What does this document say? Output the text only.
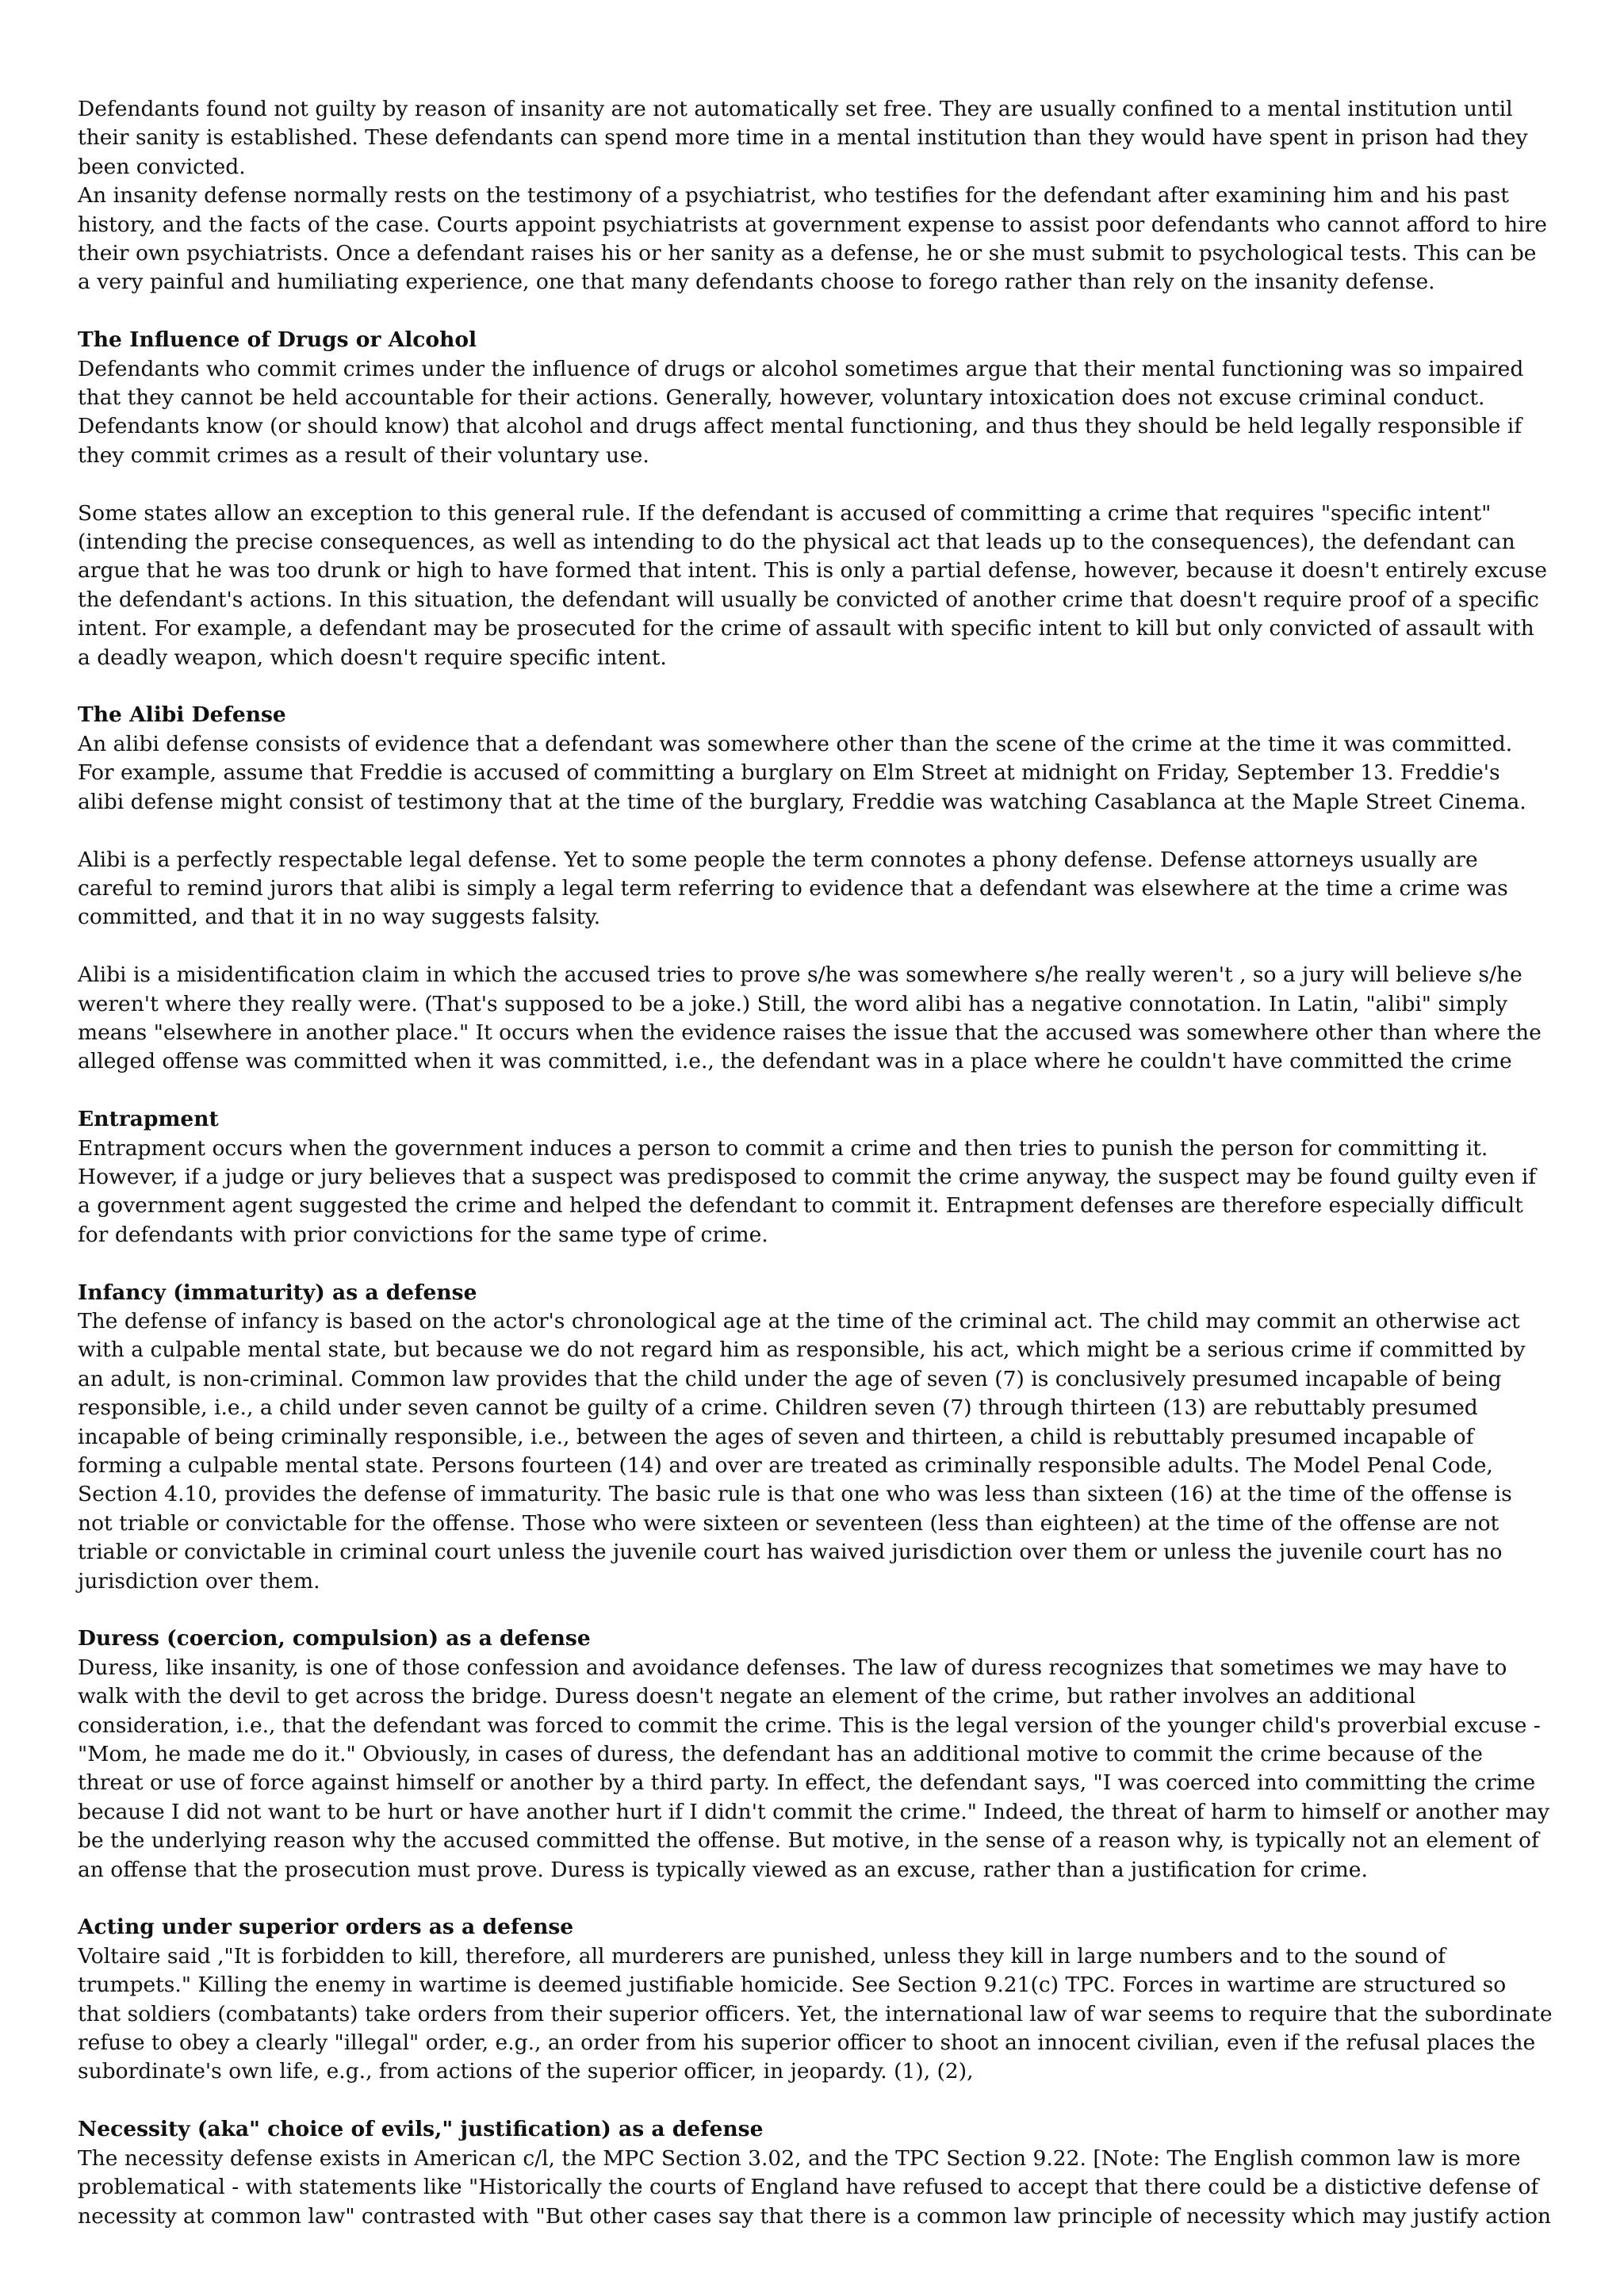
Defendants found not guilty by reason of insanity are not automatically set free. They are usually confined to a mental institution until their sanity is established. These defendants can spend more time in a mental institution than they would have spent in prison had they been convicted.

An insanity defense normally rests on the testimony of a psychiatrist, who testifies for the defendant after examining him and his past history, and the facts of the case. Courts appoint psychiatrists at government expense to assist poor defendants who cannot afford to hire their own psychiatrists. Once a defendant raises his or her sanity as a defense, he or she must submit to psychological tests. This can be a very painful and humiliating experience, one that many defendants choose to forego rather than rely on the insanity defense.

The Influence of Drugs or Alcohol

Defendants who commit crimes under the influence of drugs or alcohol sometimes argue that their mental functioning was so impaired that they cannot be held accountable for their actions. Generally, however, voluntary intoxication does not excuse criminal conduct. Defendants know (or should know) that alcohol and drugs affect mental functioning, and thus they should be held legally responsible if they commit crimes as a result of their voluntary use.

Some states allow an exception to this general rule. If the defendant is accused of committing a crime that requires "specific intent" (intending the precise consequences, as well as intending to do the physical act that leads up to the consequences), the defendant can argue that he was too drunk or high to have formed that intent. This is only a partial defense, however, because it doesn't entirely excuse the defendant's actions. In this situation, the defendant will usually be convicted of another crime that doesn't require proof of a specific intent. For example, a defendant may be prosecuted for the crime of assault with specific intent to kill but only convicted of assault with a deadly weapon, which doesn't require specific intent.

The Alibi Defense

An alibi defense consists of evidence that a defendant was somewhere other than the scene of the crime at the time it was committed. For example, assume that Freddie is accused of committing a burglary on Elm Street at midnight on Friday, September 13. Freddie's alibi defense might consist of testimony that at the time of the burglary, Freddie was watching Casablanca at the Maple Street Cinema.

Alibi is a perfectly respectable legal defense. Yet to some people the term connotes a phony defense. Defense attorneys usually are careful to remind jurors that alibi is simply a legal term referring to evidence that a defendant was elsewhere at the time a crime was committed, and that it in no way suggests falsity.

Alibi is a misidentification claim in which the accused tries to prove s/he was somewhere s/he really weren't , so a jury will believe s/he weren't where they really were. (That's supposed to be a joke.) Still, the word alibi has a negative connotation. In Latin, "alibi" simply means "elsewhere in another place." It occurs when the evidence raises the issue that the accused was somewhere other than where the alleged offense was committed when it was committed, i.e., the defendant was in a place where he couldn't have committed the crime

Entrapment

Entrapment occurs when the government induces a person to commit a crime and then tries to punish the person for committing it. However, if a judge or jury believes that a suspect was predisposed to commit the crime anyway, the suspect may be found guilty even if a government agent suggested the crime and helped the defendant to commit it. Entrapment defenses are therefore especially difficult for defendants with prior convictions for the same type of crime.

Infancy (immaturity) as a defense

The defense of infancy is based on the actor's chronological age at the time of the criminal act. The child may commit an otherwise act with a culpable mental state, but because we do not regard him as responsible, his act, which might be a serious crime if committed by an adult, is non-criminal. Common law provides that the child under the age of seven (7) is conclusively presumed incapable of being responsible, i.e., a child under seven cannot be guilty of a crime. Children seven (7) through thirteen (13) are rebuttably presumed incapable of being criminally responsible, i.e., between the ages of seven and thirteen, a child is rebuttably presumed incapable of forming a culpable mental state. Persons fourteen (14) and over are treated as criminally responsible adults. The Model Penal Code, Section 4.10, provides the defense of immaturity. The basic rule is that one who was less than sixteen (16) at the time of the offense is not triable or convictable for the offense. Those who were sixteen or seventeen (less than eighteen) at the time of the offense are not triable or convictable in criminal court unless the juvenile court has waived jurisdiction over them or unless the juvenile court has no jurisdiction over them.

Duress (coercion, compulsion) as a defense

Duress, like insanity, is one of those confession and avoidance defenses. The law of duress recognizes that sometimes we may have to walk with the devil to get across the bridge. Duress doesn't negate an element of the crime, but rather involves an additional consideration, i.e., that the defendant was forced to commit the crime. This is the legal version of the younger child's proverbial excuse - "Mom, he made me do it." Obviously, in cases of duress, the defendant has an additional motive to commit the crime because of the threat or use of force against himself or another by a third party. In effect, the defendant says, "I was coerced into committing the crime because I did not want to be hurt or have another hurt if I didn't commit the crime." Indeed, the threat of harm to himself or another may be the underlying reason why the accused committed the offense. But motive, in the sense of a reason why, is typically not an element of an offense that the prosecution must prove. Duress is typically viewed as an excuse, rather than a justification for crime.

Acting under superior orders as a defense

Voltaire said ,"It is forbidden to kill, therefore, all murderers are punished, unless they kill in large numbers and to the sound of trumpets." Killing the enemy in wartime is deemed justifiable homicide. See Section 9.21(c) TPC. Forces in wartime are structured so that soldiers (combatants) take orders from their superior officers. Yet, the international law of war seems to require that the subordinate refuse to obey a clearly "illegal" order, e.g., an order from his superior officer to shoot an innocent civilian, even if the refusal places the subordinate's own life, e.g., from actions of the superior officer, in jeopardy. (1), (2),

Necessity (aka" choice of evils," justification) as a defense

The necessity defense exists in American c/l, the MPC Section 3.02, and the TPC Section 9.22. [Note: The English common law is more problematical - with statements like "Historically the courts of England have refused to accept that there could be a distictive defense of necessity at common law" contrasted with "But other cases say that there is a common law principle of necessity which may justify action
